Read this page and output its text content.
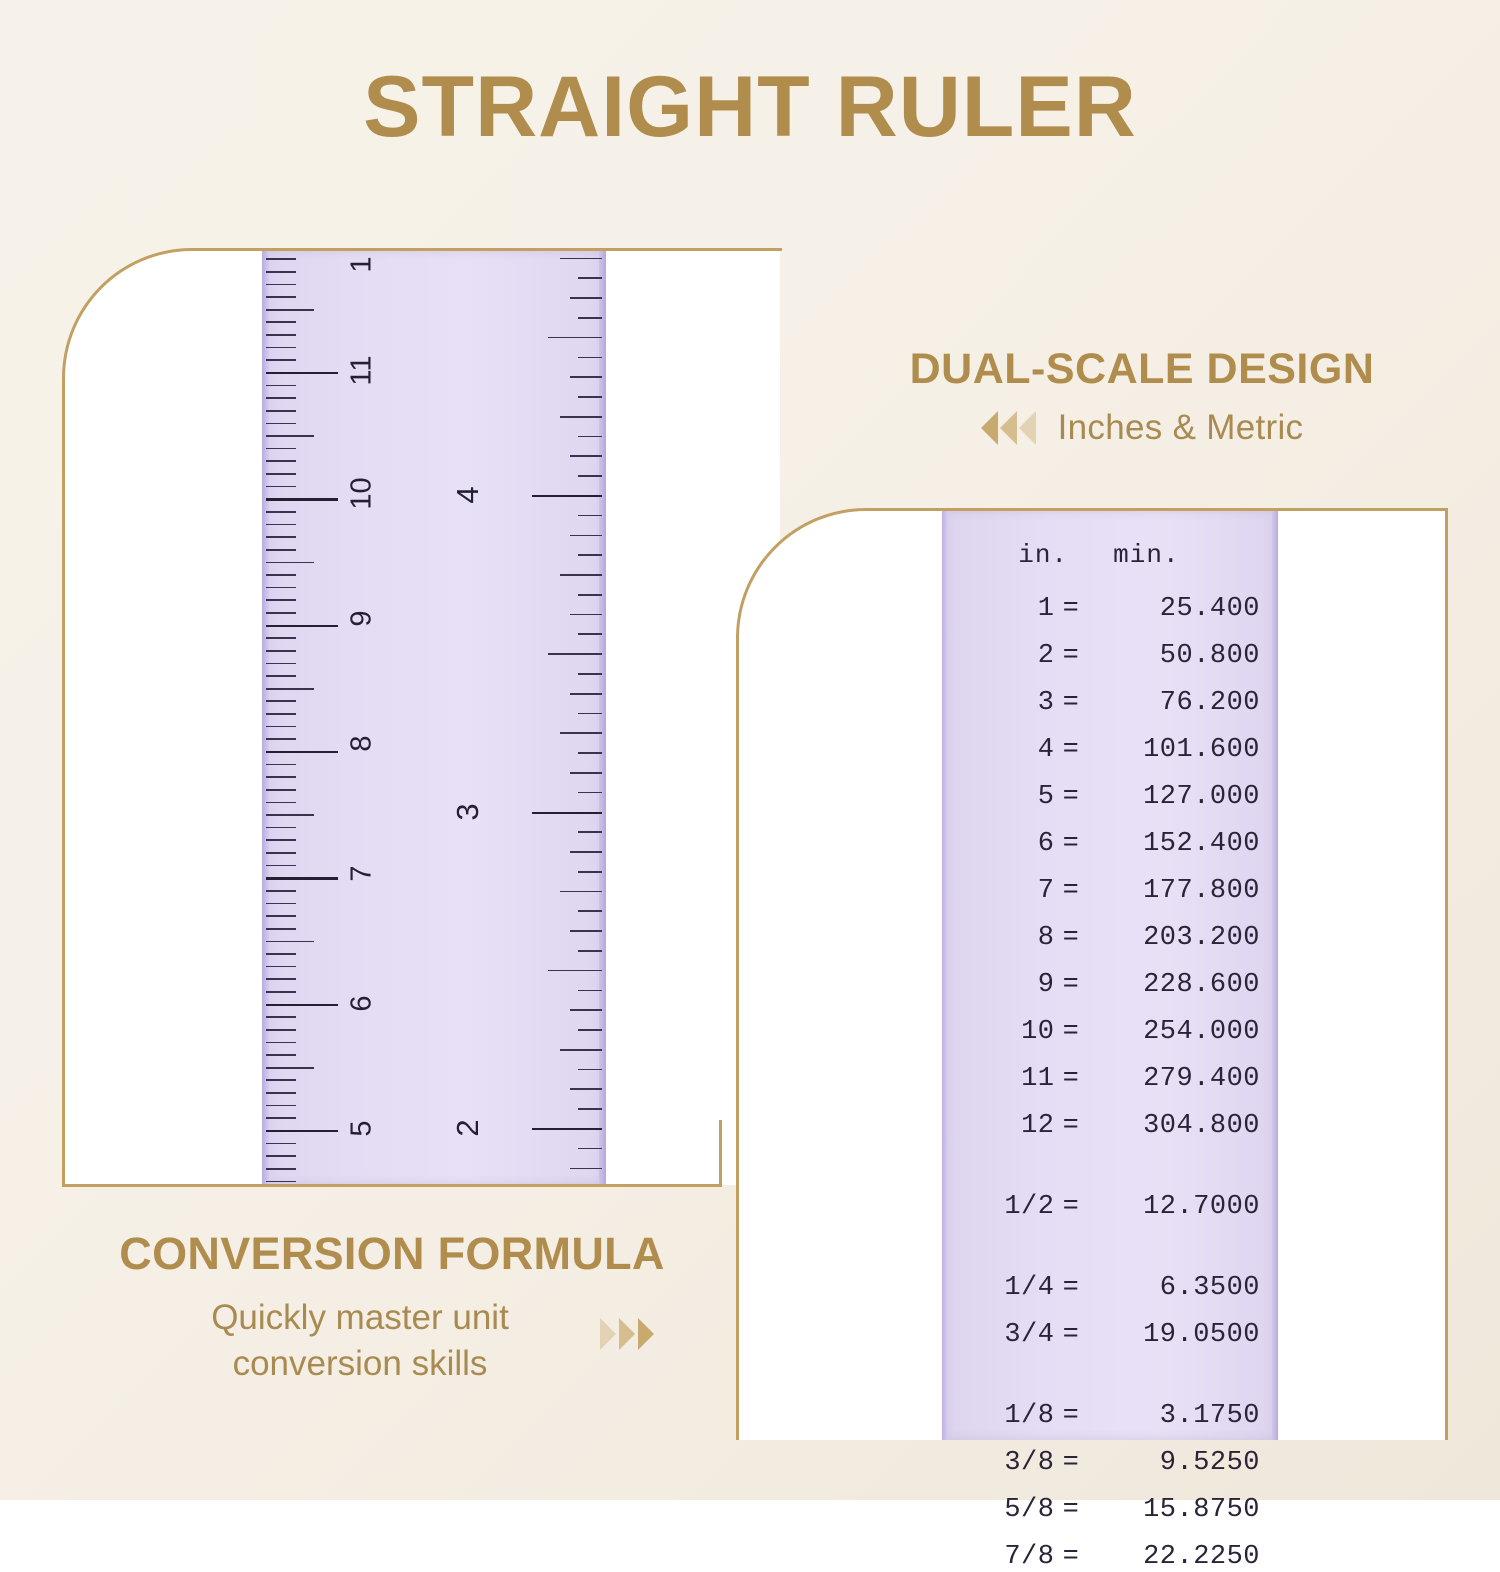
STRAIGHT RULER
1
11
10
9
8
7
6
5
4
3
2
DUAL-SCALE DESIGN
Inches & Metric
in.	min.
1 =	25.400
2 =	50.800
3 =	76.200
4 =	101.600
5 =	127.000
6 =	152.400
7 =	177.800
8 =	203.200
9 =	228.600
10 =	254.000
11 =	279.400
12 =	304.800
1/2 =	12.7000
1/4 =	6.3500
3/4 =	19.0500
1/8 =	3.1750
3/8 =	9.5250
5/8 =	15.8750
7/8 =	22.2250
CONVERSION FORMULA
Quickly master unit conversion skills
